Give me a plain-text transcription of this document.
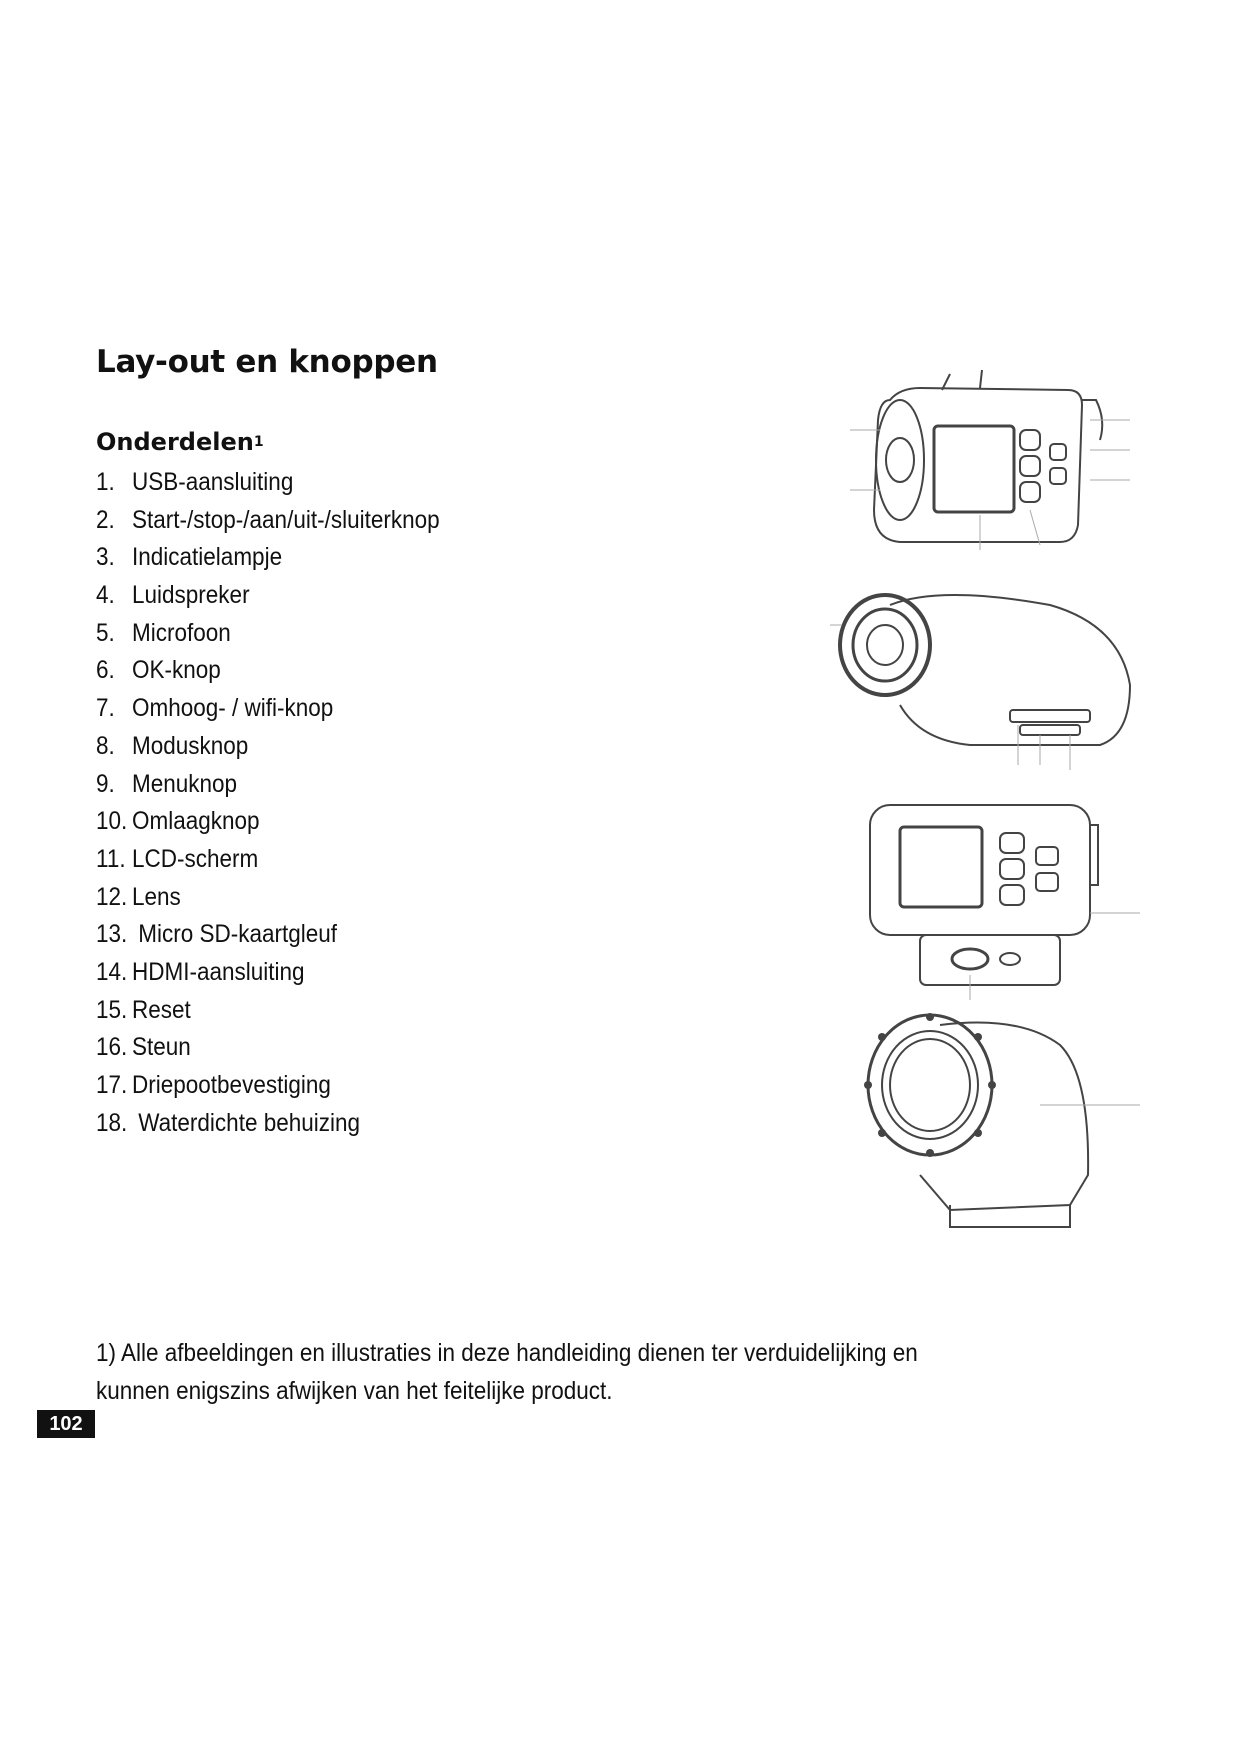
Lay-out en knoppen
Onderdelen$^1$
1. USB-aansluiting
2. Start-/stop-/aan/uit-/sluiterknop
3. Indicatielampje
4. Luidspreker
5. Microfoon
6. OK-knop
7. Omhoog- / wifi-knop
8. Modusknop
9. Menuknop
10. Omlaagknop
11. LCD-scherm
12. Lens
13. Micro SD-kaartgleuf
14. HDMI-aansluiting
15. Reset
16. Steun
17. Driepootbevestiging
18. Waterdichte behuizing

1) Alle afbeeldingen en illustraties in deze handleiding dienen ter verduidelijking en kunnen enigszins afwijken van het feitelijke product.

102
